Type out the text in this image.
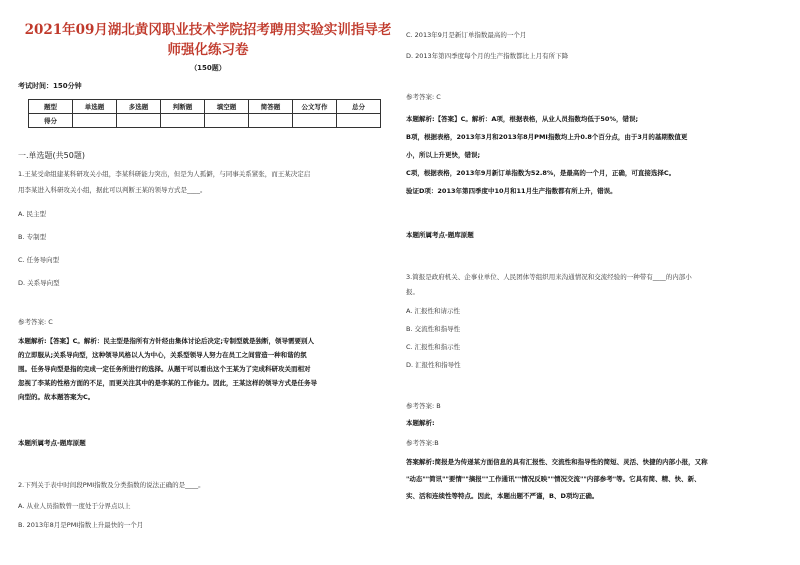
2021年09月湖北黄冈职业技术学院招考聘用实验实训指导老
师强化练习卷
（150题）
考试时间：150分钟
题型	单选题	多选题	判断题	填空题	简答题	公文写作	总分
得分							
一.单选题(共50题)
1.王某受命组建某科研攻关小组，李某科研能力突出，但是为人孤僻，与同事关系紧张，而王某决定启
用李某进入科研攻关小组，据此可以判断王某的领导方式是____。
A. 民主型
B. 专制型
C. 任务导向型
D. 关系导向型
参考答案: C
本题解析:【答案】C。解析：民主型是指所有方针经由集体讨论后决定;专制型就是独断，领导需要别人
的立即服从;关系导向型，这种领导风格以人为中心，关系型领导人努力在员工之间营造一种和谐的氛
围。任务导向型是指的完成一定任务所进行的选择。从题干可以看出这个王某为了完成科研攻关而相对
忽视了李某的性格方面的不足，而更关注其中的是李某的工作能力。因此，王某这样的领导方式是任务导
向型的。故本题答案为C。
本题所属考点-题库原题
2.下列关于表中时间段PMI指数及分类指数的说法正确的是____。
A. 从业人员指数曾一度处于分界点以上
B. 2013年8月是PMI指数上升最快的一个月
C. 2013年9月是新订单指数最高的一个月
D. 2013年第四季度每个月的生产指数都比上月有所下降
参考答案: C
本题解析:【答案】C。解析：A项，根据表格，从业人员指数均低于50%，错误;
B项，根据表格，2013年3月和2013年8月PMI指数均上升0.8个百分点，由于3月的基期数值更
小，所以上升更快，错误;
C项，根据表格，2013年9月新订单指数为52.8%，是最高的一个月，正确，可直接选择C。
验证D项：2013年第四季度中10月和11月生产指数都有所上升，错误。
本题所属考点-题库原题
3.简报是政府机关、企事业单位、人民团体等组织用来沟通情况和交流经验的一种带有____的内部小
报。
A. 汇报性和请示性
B. 交流性和指导性
C. 汇报性和指示性
D. 汇报性和指导性
参考答案: B
本题解析:
参考答案:B
答案解析:简报是为传递某方面信息的具有汇报性、交流性和指导性的简短、灵活、快捷的内部小报，又称
"动态""简讯""要情""摘报""工作通讯""情况反映""情况交流""内部参考"等。它具有简、精、快、新、
实、活和连续性等特点。因此，本题出题不严谨，B、D项均正确。
